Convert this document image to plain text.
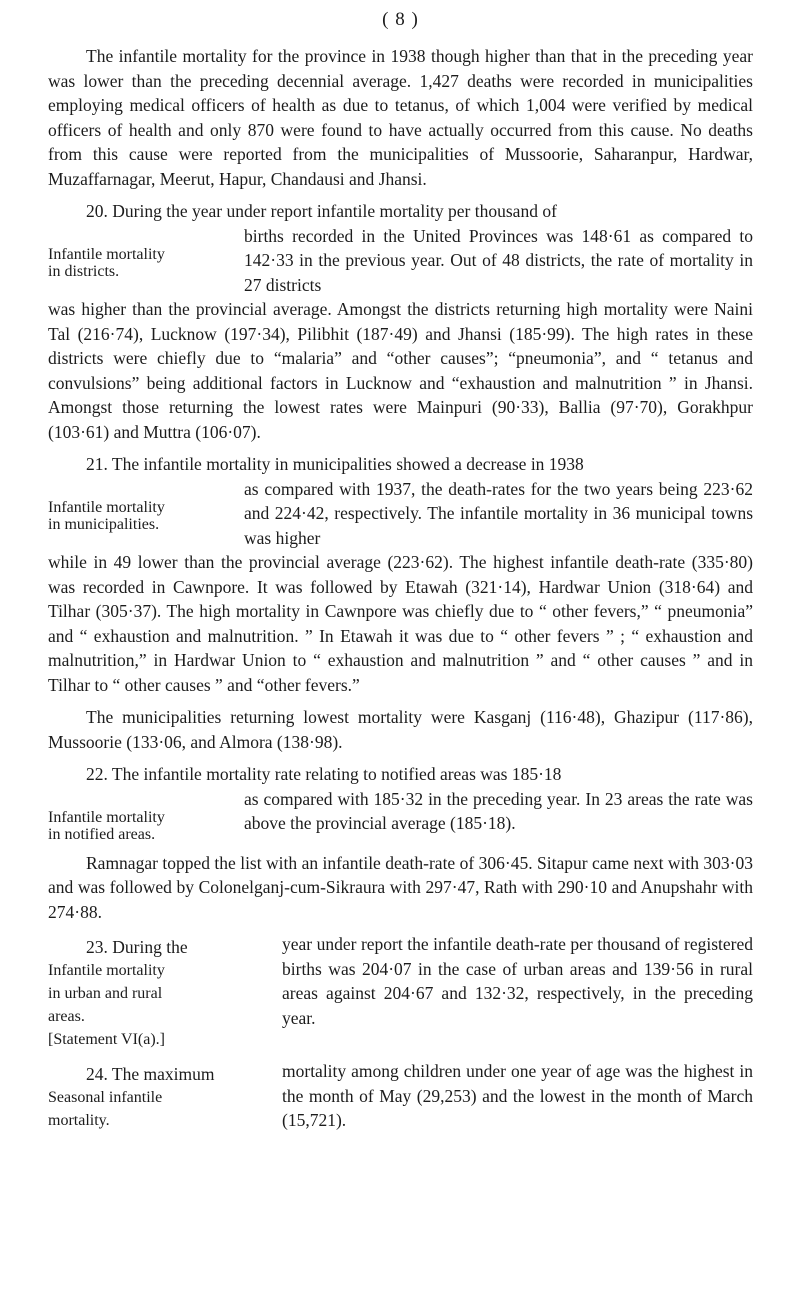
( 8 )

The infantile mortality for the province in 1938 though higher than that in the preceding year was lower than the preceding decennial average. 1,427 deaths were recorded in municipalities employing medical officers of health as due to tetanus, of which 1,004 were verified by medical officers of health and only 870 were found to have actually occurred from this cause. No deaths from this cause were reported from the municipalities of Mussoorie, Saharanpur, Hardwar, Muzaffarnagar, Meerut, Hapur, Chandausi and Jhansi.

20. During the year under report infantile mortality per thousand of

Infantile mortality
in districts.
births recorded in the United Provinces was 148·61 as compared to 142·33 in the previous year. Out of 48 districts, the rate of mortality in 27 districts

was higher than the provincial average. Amongst the districts returning high mortality were Naini Tal (216·74), Lucknow (197·34), Pilibhit (187·49) and Jhansi (185·99). The high rates in these districts were chiefly due to “malaria” and “other causes”; “pneumonia”, and “ tetanus and convulsions” being additional factors in Lucknow and “exhaustion and malnutrition ” in Jhansi. Amongst those returning the lowest rates were Mainpuri (90·33), Ballia (97·70), Gorakhpur (103·61) and Muttra (106·07).

21. The infantile mortality in municipalities showed a decrease in 1938

Infantile mortality
in municipalities.
as compared with 1937, the death-rates for the two years being 223·62 and 224·42, respectively. The infantile mortality in 36 municipal towns was higher

while in 49 lower than the provincial average (223·62). The highest infantile death-rate (335·80) was recorded in Cawnpore. It was followed by Etawah (321·14), Hardwar Union (318·64) and Tilhar (305·37). The high mortality in Cawnpore was chiefly due to “ other fevers,” “ pneumonia” and “ exhaustion and malnutrition. ” In Etawah it was due to “ other fevers ” ; “ exhaustion and malnutrition,” in Hardwar Union to “ exhaustion and malnutrition ” and “ other causes ” and in Tilhar to “ other causes ” and “other fevers.”

The municipalities returning lowest mortality were Kasganj (116·48), Ghazipur (117·86), Mussoorie (133·06, and Almora (138·98).

22. The infantile mortality rate relating to notified areas was 185·18

Infantile mortality
in notified areas.
as compared with 185·32 in the preceding year. In 23 areas the rate was above the provincial average (185·18).

Ramnagar topped the list with an infantile death-rate of 306·45. Sitapur came next with 303·03 and was followed by Colonelganj-cum-Sikraura with 297·47, Rath with 290·10 and Anupshahr with 274·88.

23. During the
Infantile mortality
in urban and rural
areas.
[Statement VI(a).]
year under report the infantile death-rate per thousand of registered births was 204·07 in the case of urban areas and 139·56 in rural areas against 204·67 and 132·32, respectively, in the preceding year.
24. The maximum
Seasonal infantile
mortality.
mortality among children under one year of age was the highest in the month of May (29,253) and the lowest in the month of March (15,721).
